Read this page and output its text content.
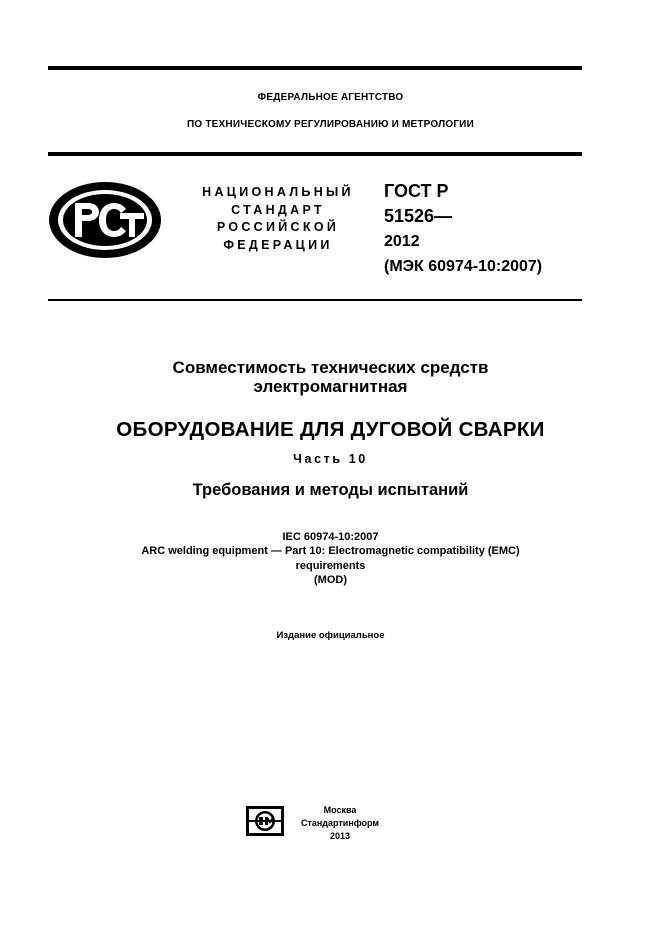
ФЕДЕРАЛЬНОЕ АГЕНТСТВО
ПО ТЕХНИЧЕСКОМУ РЕГУЛИРОВАНИЮ И МЕТРОЛОГИИ
НАЦИОНАЛЬНЫЙ
СТАНДАРТ
РОССИЙСКОЙ
ФЕДЕРАЦИИ
ГОСТ Р
51526—
2012
(МЭК 60974-10:2007)
Совместимость технических средств
электромагнитная
ОБОРУДОВАНИЕ ДЛЯ ДУГОВОЙ СВАРКИ
Часть 10
Требования и методы испытаний
IEC 60974-10:2007
ARC welding equipment — Part 10: Electromagnetic compatibility (EMC)
requirements
(MOD)
Издание официальное
Москва
Стандартинформ
2013
